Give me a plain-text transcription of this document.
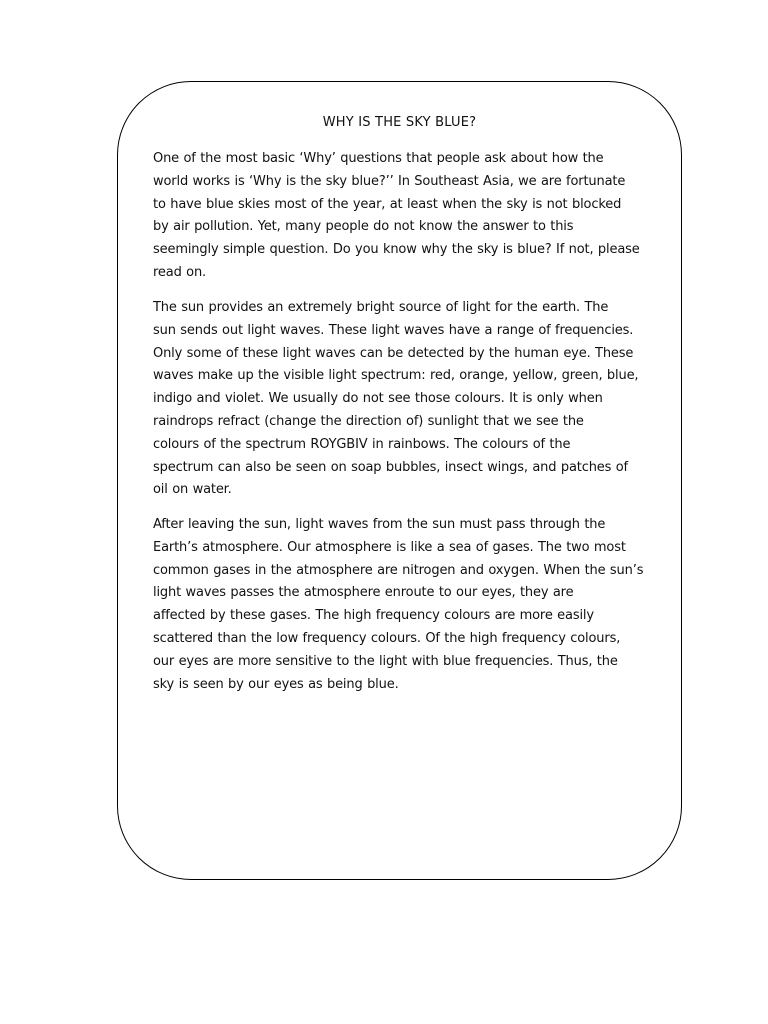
WHY IS THE SKY BLUE?

One of the most basic ‘Why’ questions that people ask about how the
world works is ‘Why is the sky blue?’’ In Southeast Asia, we are fortunate
to have blue skies most of the year, at least when the sky is not blocked
by air pollution. Yet, many people do not know the answer to this
seemingly simple question. Do you know why the sky is blue? If not, please
read on.

The sun provides an extremely bright source of light for the earth. The
sun sends out light waves. These light waves have a range of frequencies.
Only some of these light waves can be detected by the human eye. These
waves make up the visible light spectrum: red, orange, yellow, green, blue,
indigo and violet. We usually do not see those colours. It is only when
raindrops refract (change the direction of) sunlight that we see the
colours of the spectrum ROYGBIV in rainbows. The colours of the
spectrum can also be seen on soap bubbles, insect wings, and patches of
oil on water.

After leaving the sun, light waves from the sun must pass through the
Earth’s atmosphere. Our atmosphere is like a sea of gases. The two most
common gases in the atmosphere are nitrogen and oxygen. When the sun’s
light waves passes the atmosphere enroute to our eyes, they are
affected by these gases. The high frequency colours are more easily
scattered than the low frequency colours. Of the high frequency colours,
our eyes are more sensitive to the light with blue frequencies. Thus, the
sky is seen by our eyes as being blue.
